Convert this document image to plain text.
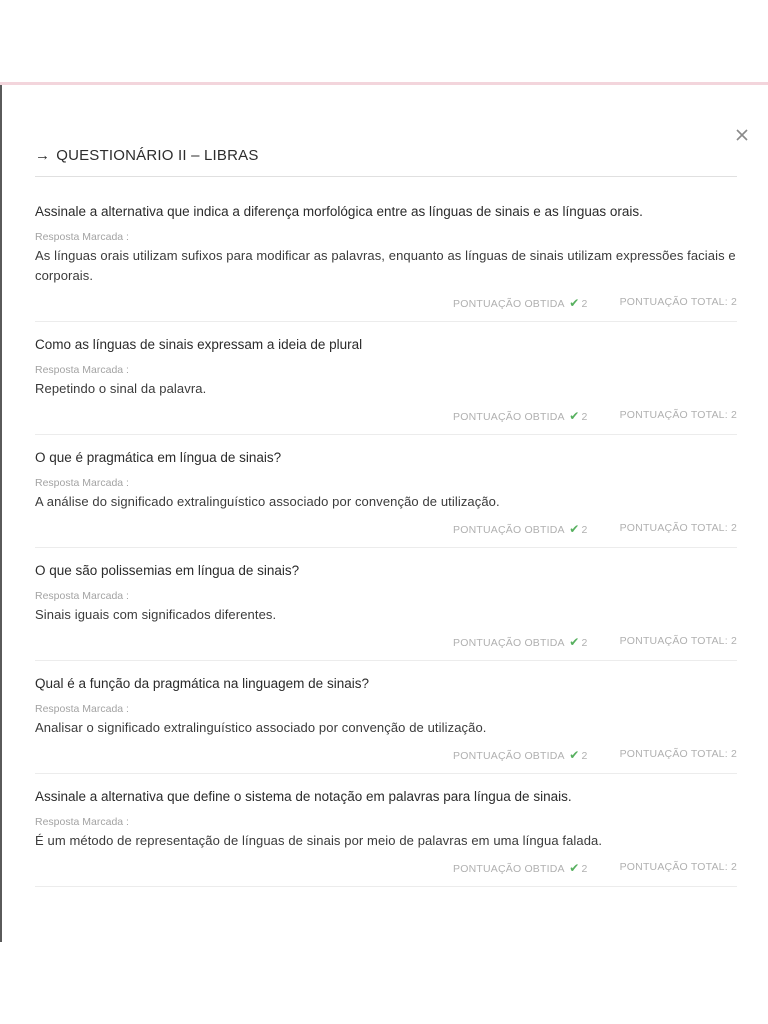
→ QUESTIONÁRIO II – LIBRAS
Assinale a alternativa que indica a diferença morfológica entre as línguas de sinais e as línguas orais.
Resposta Marcada :
As línguas orais utilizam sufixos para modificar as palavras, enquanto as línguas de sinais utilizam expressões faciais e corporais.
PONTUAÇÃO OBTIDA ✔ 2	PONTUAÇÃO TOTAL: 2
Como as línguas de sinais expressam a ideia de plural
Resposta Marcada :
Repetindo o sinal da palavra.
PONTUAÇÃO OBTIDA ✔ 2	PONTUAÇÃO TOTAL: 2
O que é pragmática em língua de sinais?
Resposta Marcada :
A análise do significado extralinguístico associado por convenção de utilização.
PONTUAÇÃO OBTIDA ✔ 2	PONTUAÇÃO TOTAL: 2
O que são polissemias em língua de sinais?
Resposta Marcada :
Sinais iguais com significados diferentes.
PONTUAÇÃO OBTIDA ✔ 2	PONTUAÇÃO TOTAL: 2
Qual é a função da pragmática na linguagem de sinais?
Resposta Marcada :
Analisar o significado extralinguístico associado por convenção de utilização.
PONTUAÇÃO OBTIDA ✔ 2	PONTUAÇÃO TOTAL: 2
Assinale a alternativa que define o sistema de notação em palavras para língua de sinais.
Resposta Marcada :
É um método de representação de línguas de sinais por meio de palavras em uma língua falada.
PONTUAÇÃO OBTIDA ✔ 2	PONTUAÇÃO TOTAL: 2
